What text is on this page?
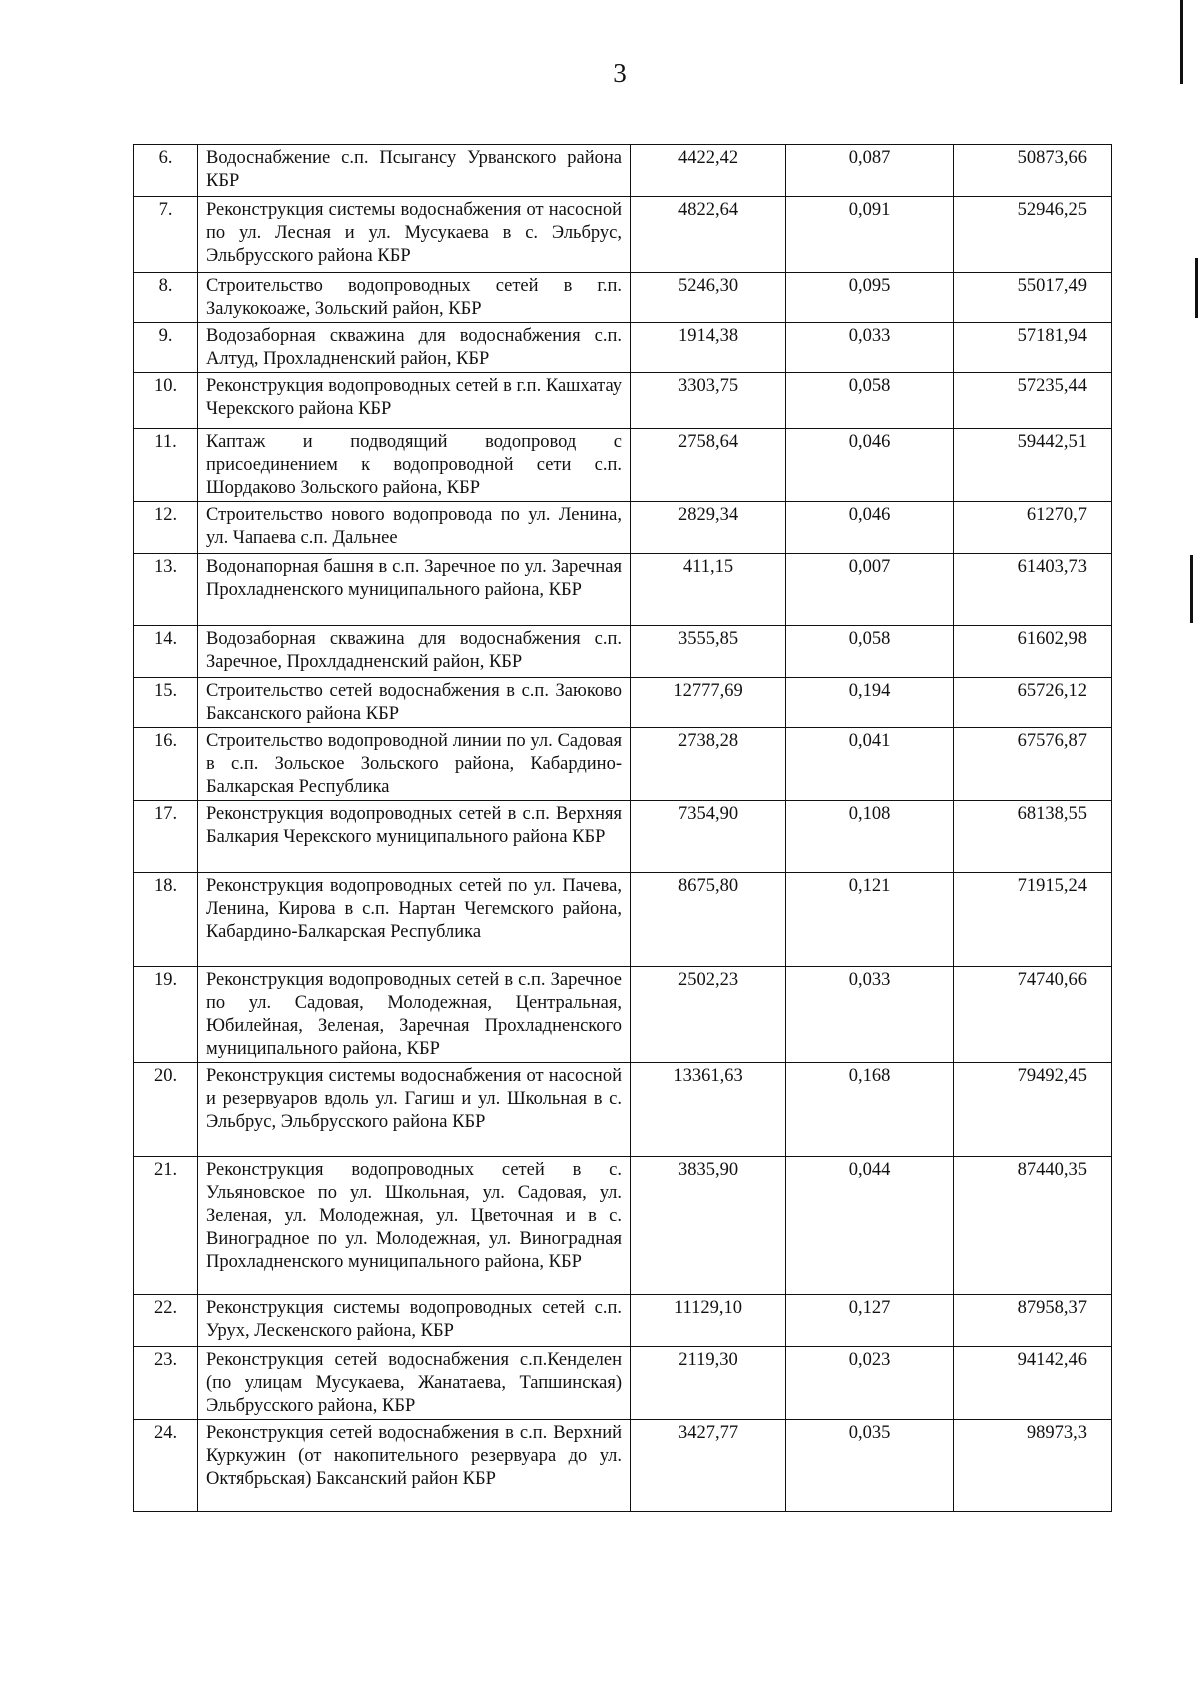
3
6.	Водоснабжение с.п. Псыгансу Урванского района КБР	4422,42	0,087	50873,66
7.	Реконструкция системы водоснабжения от насосной по ул. Лесная и ул. Мусукаева в с. Эльбрус, Эльбрусского района КБР	4822,64	0,091	52946,25
8.	Строительство водопроводных сетей в г.п. Залукокоаже, Зольский район, КБР	5246,30	0,095	55017,49
9.	Водозаборная скважина для водоснабжения с.п. Алтуд, Прохладненский район, КБР	1914,38	0,033	57181,94
10.	Реконструкция водопроводных сетей в г.п. Кашхатау Черекского района КБР	3303,75	0,058	57235,44
11.	Каптаж и подводящий водопровод с присоединением к водопроводной сети с.п. Шордаково Зольского района, КБР	2758,64	0,046	59442,51
12.	Строительство нового водопровода по ул. Ленина, ул. Чапаева с.п. Дальнее	2829,34	0,046	61270,7
13.	Водонапорная башня в с.п. Заречное по ул. Заречная Прохладненского муниципального района, КБР	411,15	0,007	61403,73
14.	Водозаборная скважина для водоснабжения с.п. Заречное, Прохлдадненский район, КБР	3555,85	0,058	61602,98
15.	Строительство сетей водоснабжения в с.п. Заюково Баксанского района КБР	12777,69	0,194	65726,12
16.	Строительство водопроводной линии по ул. Садовая в с.п. Зольское Зольского района, Кабардино-Балкарская Республика	2738,28	0,041	67576,87
17.	Реконструкция водопроводных сетей в с.п. Верхняя Балкария Черекского муниципального района КБР	7354,90	0,108	68138,55
18.	Реконструкция водопроводных сетей по ул. Пачева, Ленина, Кирова в с.п. Нартан Чегемского района, Кабардино-Балкарская Республика	8675,80	0,121	71915,24
19.	Реконструкция водопроводных сетей в с.п. Заречное по ул. Садовая, Молодежная, Центральная, Юбилейная, Зеленая, Заречная Прохладненского муниципального района, КБР	2502,23	0,033	74740,66
20.	Реконструкция системы водоснабжения от насосной и резервуаров вдоль ул. Гагиш и ул. Школьная в с. Эльбрус, Эльбрусского района КБР	13361,63	0,168	79492,45
21.	Реконструкция водопроводных сетей в с. Ульяновское по ул. Школьная, ул. Садовая, ул. Зеленая, ул. Молодежная, ул. Цветочная и в с. Виноградное по ул. Молодежная, ул. Виноградная Прохладненского муниципального района, КБР	3835,90	0,044	87440,35
22.	Реконструкция системы водопроводных сетей с.п. Урух, Лескенского района, КБР	11129,10	0,127	87958,37
23.	Реконструкция сетей водоснабжения с.п.Кенделен (по улицам Мусукаева, Жанатаева, Тапшинская) Эльбрусского района, КБР	2119,30	0,023	94142,46
24.	Реконструкция сетей водоснабжения в с.п. Верхний Куркужин (от накопительного резервуара до ул. Октябрьская) Баксанский район КБР	3427,77	0,035	98973,3
